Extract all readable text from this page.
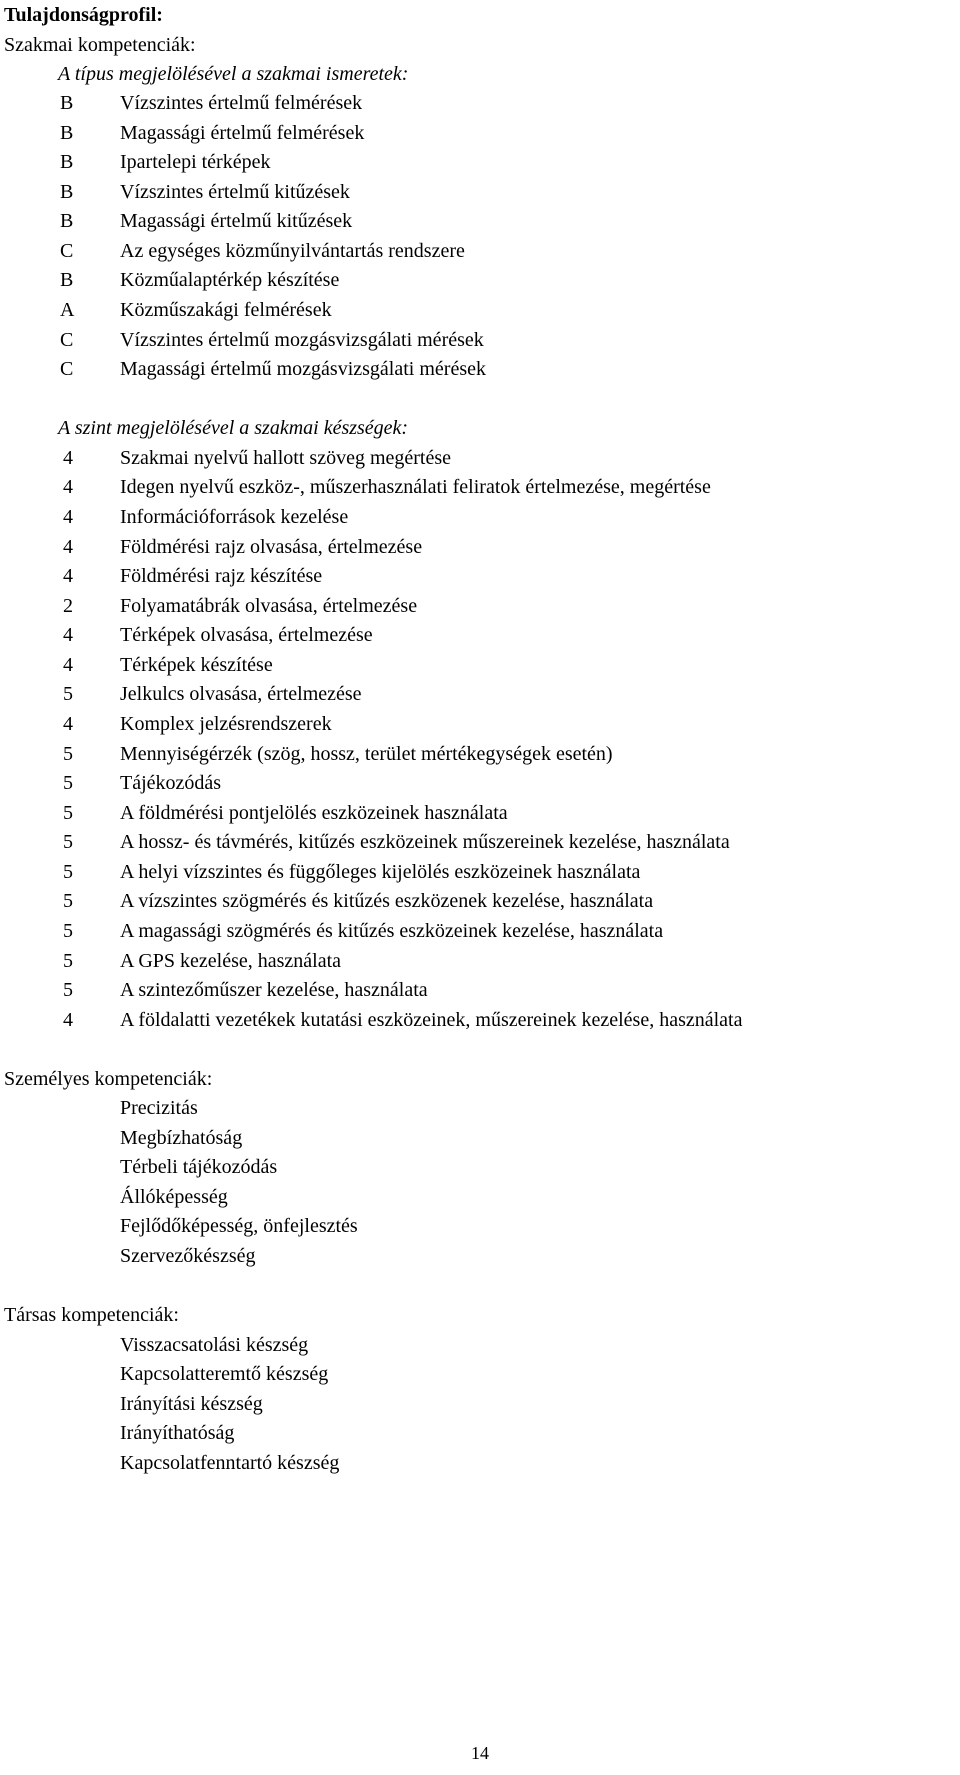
Tulajdonságprofil:
Szakmai kompetenciák:
A típus megjelölésével a szakmai ismeretek:
B Vízszintes értelmű felmérések
B Magassági értelmű felmérések
B Ipartelepi térképek
B Vízszintes értelmű kitűzések
B Magassági értelmű kitűzések
C Az egységes közműnyilvántartás rendszere
B Közműalaptérkép készítése
A Közműszakági felmérések
C Vízszintes értelmű mozgásvizsgálati mérések
C Magassági értelmű mozgásvizsgálati mérések
A szint megjelölésével a szakmai készségek:
4 Szakmai nyelvű hallott szöveg megértése
4 Idegen nyelvű eszköz-, műszerhasználati feliratok értelmezése, megértése
4 Információforrások kezelése
4 Földmérési rajz olvasása, értelmezése
4 Földmérési rajz készítése
2 Folyamatábrák olvasása, értelmezése
4 Térképek olvasása, értelmezése
4 Térképek készítése
5 Jelkulcs olvasása, értelmezése
4 Komplex jelzésrendszerek
5 Mennyiségérzék (szög, hossz, terület mértékegységek esetén)
5 Tájékozódás
5 A földmérési pontjelölés eszközeinek használata
5 A hossz- és távmérés, kitűzés eszközeinek műszereinek kezelése, használata
5 A helyi vízszintes és függőleges kijelölés eszközeinek használata
5 A vízszintes szögmérés és kitűzés eszközenek kezelése, használata
5 A magassági szögmérés és kitűzés eszközeinek kezelése, használata
5 A GPS kezelése, használata
5 A szintezőműszer kezelése, használata
4 A földalatti vezetékek kutatási eszközeinek, műszereinek kezelése, használata
Személyes kompetenciák:
Precizitás
Megbízhatóság
Térbeli tájékozódás
Állóképesség
Fejlődőképesség, önfejlesztés
Szervezőkészség
Társas kompetenciák:
Visszacsatolási készség
Kapcsolatteremtő készség
Irányítási készség
Irányíthatóság
Kapcsolatfenntartó készség
14
